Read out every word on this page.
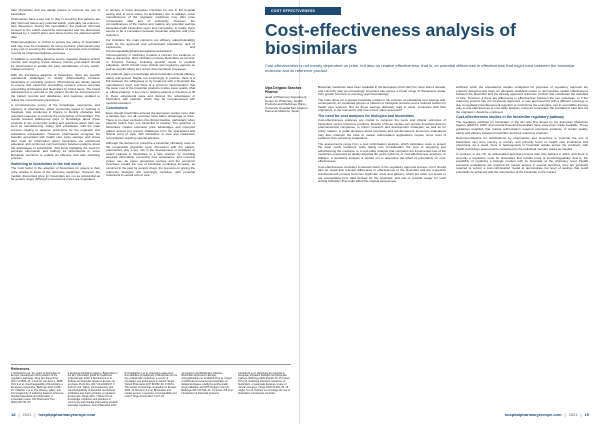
than physicians and are ideally placed to promote the use of biosimilars.

Pharmacists have a key role to play in ensuring that patients are fully informed before any potential switch, preferably via a face-to-face discussion. During this consultation, the patients' informed consent to the switch should be documented and the discussion followed by a 'switch' letter sent home before the planned switch date.

Pharmacovigilance is critical to ensure the safety of biosimilars and may even be mandatory for some products: pharmacists play a key role in ensuring the maintenance of accurate and complete records for pharmacovigilance purposes.

In addition to recording adverse events, baseline disease activity metrics and ongoing review disease metrics post-switch should be documented to enable the early identification of any switch-related concerns.

With the increasing adoption of biosimilars, there are specific operational challenges in clearly differentiating between biosimilars in recording systems. Pharmacists are ideally placed to ensure that electronic prescribing systems ensure accurate prescribing of biologics and biosimilars by brand name. The brand administered or referred to the patient should be documented in the patient records and databases, and registries updated to reflect the current brand prescribed.

A comprehensive survey of the knowledge, experience, and opinions of pharmacists, either community-based or working in hospitals, was conducted in France to identify obstacles and potential measures to promote the prescription of biosimilars. The results showed widespread gaps in knowledge about these products in the community setting and questions about their use such as manufacturing, safety, and substitution, with the main concern relating to patients' preference for the originator and indications extrapolation. However, pharmacists recognise the benefits associated with health care costs savings, and stress their need for information about biosimilars via continuous education and reinforced communication between patients about the advantages of substitution. This study highlights the need for accurate information and training for pharmacists in some European countries to enable an effective and safe switching process.

Switching to biosimilars in the real world

The main factor in the adoption of biosimilars for payers is their price relative to those of the reference medicines. However, the median discounted price for biosimilars are not as substantial as for generic drugs. Although procurement prices are negotiated

in tenders in many European countries for use in the hospital setting and, in some cases, for ambulatory use. In addition, some manufacturers of the originator medicines may offer price concessions after loss of exclusivity. However, the competitiveness of the market and making any potential savings associated with biosimilars seem less compelling. In reality, there seems to be a correlation between biosimilar adoption and price reduction.

For clinicians, the main concerns are efficacy, safety/tolerability (both for the approved and extrapolated indications), lack of experience, and interchangeability/pharmacovigilance/substitution. Immunogenicity in switching remains a concern but evidence to date is reassuring. Most clinicians perceive biosimilars as second- or third-line therapy, including specific needs in medical education, which should cover clinical and regulatory aspects as well as specific billing and record documentation processes.

For patients, gaps in knowledge about biosimilars include efficacy, safety and access. Maybe not surprisingly, in practice, there is a link between the willingness to try treatment with a biosimilar the manufacturer itself, and there is a common misconception that the lower cost of the biosimilar products implies lower quality (that is, efficacy/safety). A key role in helping patients is therefore to fill in these educational gaps and discuss the advantages of biosimilars with patients, which may be complemented with medical education.

Conclusions

Even though biosimilars entered the European market more than a decade ago, not all countries have taken advantage of them. There is no clear exclusion into clinical practice, particularly when patients switch from one biosimilar to another. The adoption of biosimilars creates extensive price advantages and improved patient access but present challenges from the operational and clinical point of view, with transitions of care and medication reconciliation requiring special attention.

Although the decision to prescribe a biosimilar ultimately rests on the responsible physician upon discussion with the patient, pharmacists play a key role in the development of strategies to switch patients to biosimilars in a safe manner, by providing accurate information, promoting their acceptance, and ensuring proper use. As payer perception evolves and the economic incentives toward the use of biosimilar medicines increase, as occurred in the past for generic drugs, the pressure on pricing the reference biologics will seemingly increase, with potential reductions in overall cost of care.

References
1 Schiestl M et al. Ten years of biosimilars in Europe: development and evolution of the regulatory pathways. Drug Des Devel Ther 2017;11:1509–15. 2 Kurki P, van Aerts L, Wolff-Holz E et al. Interchangeability of biosimilars: a European perspective. BioDrugs 2017;31:83–91. 3 Barbier L et al. The efficacy, safety, and immunogenicity of switching between reference biopharmaceuticals and biosimilars: a systematic review. Clin Pharmacol Ther 2020;108:734–55.
4 European Medicines Agency. Biosimilars in the EU: information guide for healthcare professionals. 2019. 5 Moorkens E et al. Policies for biosimilar uptake in Europe: an overview. PLoS One 2017;12:e0190147. 6 Kurki P et al. Safety, immunogenicity and interchangeability of biosimilar monoclonal antibodies and fusion proteins: a regulatory perspective. Drugs 2021. 7 Beck M et al. Knowledge, behaviors and practices of community and hospital pharmacists towards biosimilar medicines. Front Pharmacol 2017.
8 O'Callaghan J et al. Assessing awareness and attitudes of healthcare professionals on the use of biosimilar medicines: a survey of physicians and pharmacists in Ireland. Regul Toxicol Pharmacol 2017;88:252–61. 9 IQVIA. The impact of biosimilar competition in Europe. 2020. 10 Simoens S et al. Biosimilars and market access: a question of comparability and costs? Target Oncol 2012;7:227–31.
11 Generics and Biosimilars Initiative. Biosimilars approved in Europe. www.gabionline.net 12 Aladul MI et al. Impact of infliximab and etanercept biosimilars on biological disease-modifying antirheumatic drugs utilisation and NHS budget in the UK. BioDrugs 2017;31:533–44. 13 Jensen TB et al. Introduction of biosimilar products.
14 Dutta B et al. Identifying key benefits in European off-patent biologics and biosimilar markets. BioDrugs 2020;34:159–70. 15 Cohen HP et al. Switching reference medicines to biosimilars: a systematic literature review of clinical outcomes. Drugs 2018;78:463–78. 16 Vogler S et al. Policies to encourage the use of biosimilars in European countries.
18 | 2021 | hospitalpharmacyeurope.com
COST EFFECTIVENESS
Cost-effectiveness analysis of biosimilars

Cost-effectiveness is not merely dependent on price, but also on relative effectiveness; that is, on potential differences in effectiveness that might exist between the biosimilar molecule and its reference product

Ulpa Delgado Sánchez Pharmd
Head of Pharmacy Department, Center for Pharmacy, Health Products and Medicines Policy, University Hospital San Joaquín, Palma de Mallorca, Spain

Biosimilar medicines have been available in the European Union (EU) for more than a decade, and currently play an increasingly important role across a broad range of therapeutic areas, from growth hormone to oncology and rheumatology.

The main driver for a greater biosimilar market is the promise of substantial cost savings and, consequently, an expanded access of patients to biological products and a reduced burden for health care systems. But do those savings ultimately lead to value, compared with their originators, in the real world, and how is their value assessed?

The need for cost analyses for biologics and biosimilars

Cost-effectiveness analyses are crucial to compare the costs and clinical outcomes of biosimilars versus reference products. Results of these studies can provide important data for pharmaceutical companies, to inform research and development strategies, as well as for policy makers, to guide decisions about incentives and reimbursement. Economic evaluations may also underpin the case of market authorisation applications require some level of evidence from economic evaluations.

The assessments range from a cost minimisation analysis, which calculates costs to project the least costly treatment while taking into consideration the cost of preparing and administering the medicine, to a cost-utility analysis that compares the incremental cost of the medicines expressed as quality-adjusted life years (QALYs), or cost-effectiveness analyses. In addition, a sensitivity analysis is carried out to determine the effect of uncertainty on cost-effectiveness.

Cost-effectiveness considers a relevant factor in the regulatory approval process, but it should also be noted that relevant differences in effectiveness of the biosimilar and the respective reimbursement process becomes legitimate costs and efficacy, which are often not tested or are extrapolated from data derived for the originator, and risk of 'real-life usage' for each clinical indication that might affect the original assessment.

sufficient when the equivalence studies conducted for purposes of regulatory approval are properly designed and have an adequate statistical power to demonstrate similar effectiveness between the biosimilar and the already approved reference product that constitutes the standard of care. However, if there are differences in effectiveness between the two molecules, or if the reference product has not previously approved, or was approved but with a different posology or due to regulatory/reimbursement rejection or restrictions the examples, use in secondline therapy only, a cost-effectiveness or cost-utility analysis, using as comparator the standard of care and not the originator, should be employed.

Cost-effectiveness studies in the biosimilar regulatory pathway

The regulatory pathway for biosimilars in the EU was first issued by the European Medicines Agency (EMA) in 2005, and several thousand biosimilars have since been made available. These guidelines establish that market authorisation required extensive evidence of similar quality, safety and efficacy between biosimilars and their reference products.

Recommendations for substitutions by pharmacists and incentives to promote the use of biosimilars vary from country to country, and primarily focus on health care institutions and physicians. As a result, there is heterogeneity in biosimilar uptake across the continent, with health technology assessments conducted by the individual member states as needed.

In contrast, in the US, an abbreviated approval process was only defined in 2010, and there is currently a regulatory route for biosimilars that include proof of interchangeability, that is, the possibility of replacing a biologic product with its biosimilar at the pharmacy level. Health economic evaluations are required for market access in several countries; they are generally required to submit a cost-minimisation model to demonstrate the level of savings that could potentially be achieved with the introduction of the biosimilar to the market.

hospitalpharmacyeurope.com | 2021 | 19
